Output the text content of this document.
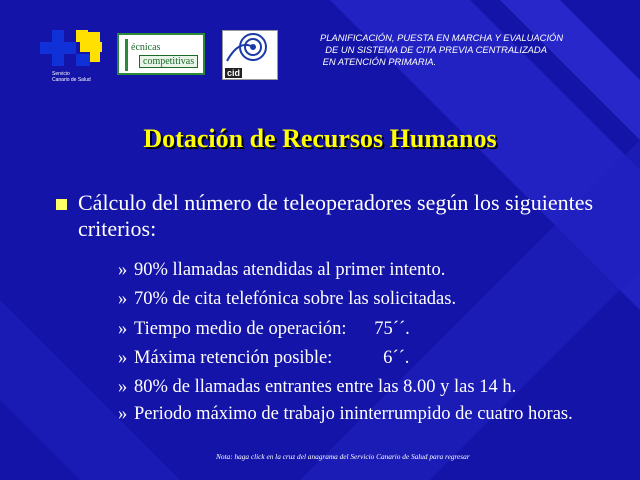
Servicio
Canario de Salud
écnicas
competitivas
cid

PLANIFICACIÓN, PUESTA EN MARCHA Y EVALUACIÓN
DE UN SISTEMA DE CITA PREVIA CENTRALIZADA
EN ATENCIÓN PRIMARIA.

Dotación de Recursos Humanos
Cálculo del número de teleoperadores según los siguientes criterios:
» 90% llamadas atendidas al primer intento.
» 70% de cita telefónica sobre las solicitadas.
» Tiempo medio de operación:      75´´.
» Máxima retención posible:           6´´.
» 80% de llamadas entrantes entre las 8.00 y las 14 h.
» Periodo máximo de trabajo ininterrumpido de cuatro horas.
Nota: haga click en la cruz del anagrama del Servicio Canario de Salud para regresar
